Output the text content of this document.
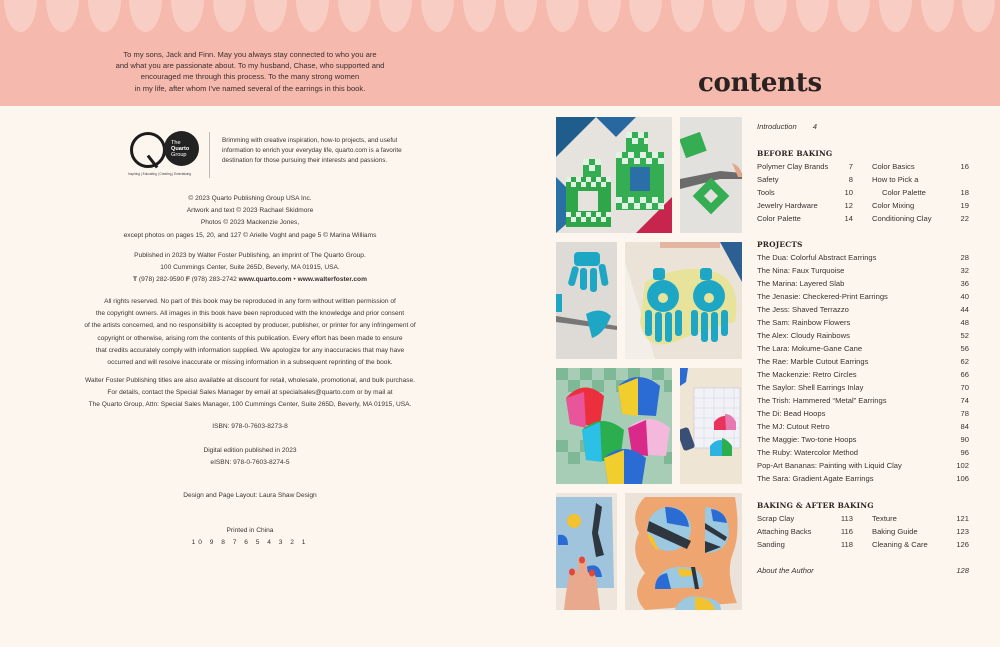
To my sons, Jack and Finn. May you always stay connected to who you are
and what you are passionate about. To my husband, Chase, who supported and
encouraged me through this process. To the many strong women
in my life, after whom I've named several of the earrings in this book.	contents
The
Quarto
Group
Inspiring | Educating | Creating | Entertaining
Brimming with creative inspiration, how-to projects, and useful information to enrich your everyday life, quarto.com is a favorite destination for those pursuing their interests and passions.
© 2023 Quarto Publishing Group USA Inc.
Artwork and text © 2023 Rachael Skidmore
Photos © 2023 Mackenzie Jones,
except photos on pages 15, 20, and 127 © Arielle Voght and page 5 © Marina Williams
Published in 2023 by Walter Foster Publishing, an imprint of The Quarto Group.
100 Cummings Center, Suite 265D, Beverly, MA 01915, USA.
T (978) 282-9590 F (978) 283-2742 www.quarto.com • www.walterfoster.com
All rights reserved. No part of this book may be reproduced in any form without written permission of
the copyright owners. All images in this book have been reproduced with the knowledge and prior consent
of the artists concerned, and no responsibility is accepted by producer, publisher, or printer for any infringement of
copyright or otherwise, arising rom the contents of this publication. Every effort has been made to ensure
that credits accurately comply with information supplied. We apologize for any inaccuracies that may have
occurred and will resolve inaccurate or missing information in a subsequent reprinting of the book.
Walter Foster Publishing titles are also available at discount for retail, wholesale, promotional, and bulk purchase.
For details, contact the Special Sales Manager by email at specialsales@quarto.com or by mail at
The Quarto Group, Attn: Special Sales Manager, 100 Cummings Center, Suite 265D, Beverly, MA 01915, USA.
ISBN: 978-0-7603-8273-8
Digital edition published in 2023
eISBN: 978-0-7603-8274-5
Design and Page Layout: Laura Shaw Design
Printed in China
10 9 8 7 6 5 4 3 2 1
Introduction 4
BEFORE BAKING
Polymer Clay Brands	7
Safety	8
Tools	10
Jewelry Hardware	12
Color Palette	14
Color Basics	16
How to Pick a
Color Palette	18
Color Mixing	19
Conditioning Clay	22
PROJECTS
The Dua: Colorful Abstract Earrings	28
The Nina: Faux Turquoise	32
The Marina: Layered Slab	36
The Jenasie: Checkered-Print Earrings	40
The Jess: Shaved Terrazzo	44
The Sam: Rainbow Flowers	48
The Alex: Cloudy Rainbows	52
The Lara: Mokume-Gane Cane	56
The Rae: Marble Cutout Earrings	62
The Mackenzie: Retro Circles	66
The Saylor: Shell Earrings Inlay	70
The Trish: Hammered “Metal” Earrings	74
The Di: Bead Hoops	78
The MJ: Cutout Retro	84
The Maggie: Two-tone Hoops	90
The Ruby: Watercolor Method	96
Pop-Art Bananas: Painting with Liquid Clay	102
The Sara: Gradient Agate Earrings	106
BAKING & AFTER BAKING
Scrap Clay	113
Attaching Backs	116
Sanding	118
Texture	121
Baking Guide	123
Cleaning & Care	126
About the Author	128
